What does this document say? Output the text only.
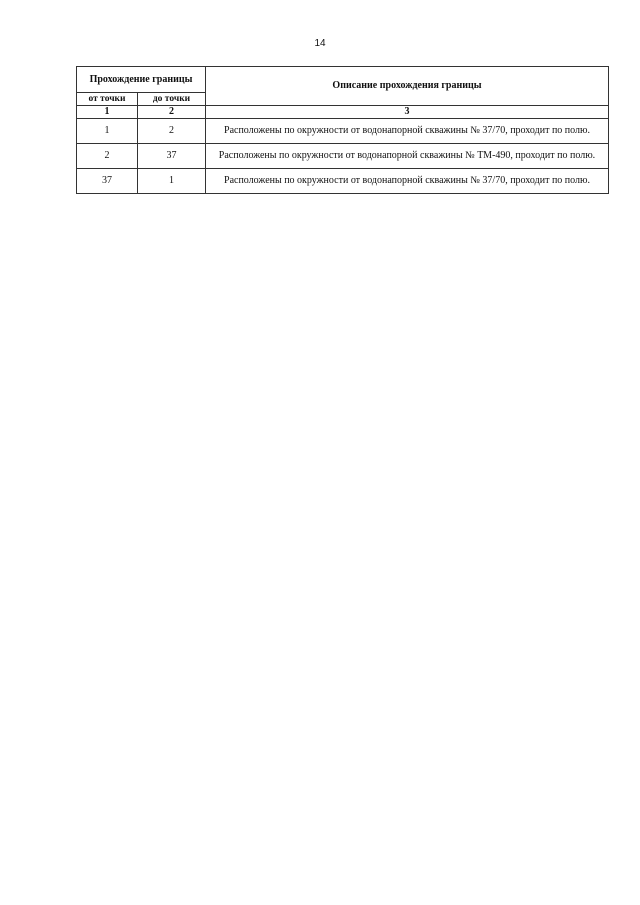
14
Прохождение границы		Описание прохождения границы
от точки	до точки	
1	2	3
1	2	Расположены по окружности от водонапорной скважины № 37/70, проходит по полю.
2	37	Расположены по окружности от водонапорной скважины № ТМ-490, проходит по полю.
37	1	Расположены по окружности от водонапорной скважины № 37/70, проходит по полю.
